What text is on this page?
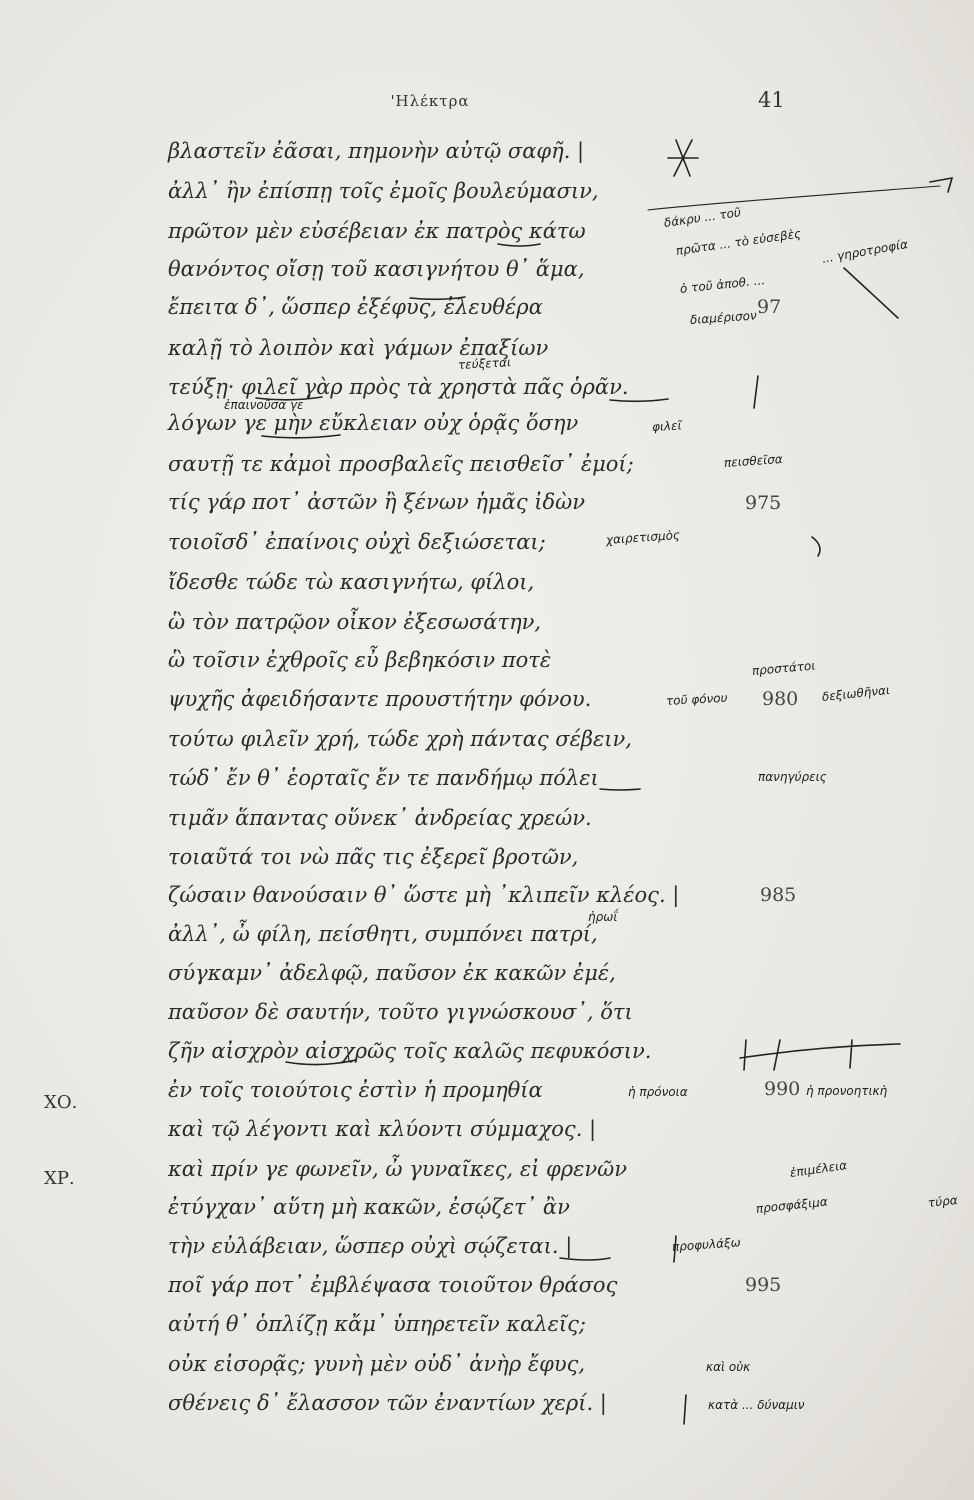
'Ηλέκτρα	41
βλαστεῖν ἐᾶσαι, πημονὴν αὐτῷ σαφῆ. |
ἀλλ᾽ ἢν ἐπίσπῃ τοῖς ἐμοῖς βουλεύμασιν,
πρῶτον μὲν εὐσέβειαν ἐκ πατρὸς κάτω
θανόντος οἴσῃ τοῦ κασιγνήτου θ᾽ ἅμα,
ἔπειτα δ᾽, ὥσπερ ἐξέφυς, ἐλευθέρα
καλῇ τὸ λοιπὸν καὶ γάμων ἐπαξίων
τεύξῃ· φιλεῖ γὰρ πρὸς τὰ χρηστὰ πᾶς ὁρᾶν.
λόγων γε μὴν εὔκλειαν οὐχ ὁρᾷς ὅσην
σαυτῇ τε κἀμοὶ προσβαλεῖς πεισθεῖσ᾽ ἐμοί;
τίς γάρ ποτ᾽ ἀστῶν ἢ ξένων ἡμᾶς ἰδὼν
τοιοῖσδ᾽ ἐπαίνοις οὐχὶ δεξιώσεται;
ἴδεσθε τώδε τὼ κασιγνήτω, φίλοι,
ὣ τὸν πατρῷον οἶκον ἐξεσωσάτην,
ὣ τοῖσιν ἐχθροῖς εὖ βεβηκόσιν ποτὲ
ψυχῆς ἀφειδήσαντε προυστήτην φόνου.
τούτω φιλεῖν χρή, τώδε χρὴ πάντας σέβειν,
τώδ᾽ ἔν θ᾽ ἑορταῖς ἔν τε πανδήμῳ πόλει
τιμᾶν ἅπαντας οὕνεκ᾽ ἀνδρείας χρεών.
τοιαῦτά τοι νὼ πᾶς τις ἐξερεῖ βροτῶν,
ζώσαιν θανούσαιν θ᾽ ὥστε μὴ ᾽κλιπεῖν κλέος. |
ἀλλ᾽, ὦ φίλη, πείσθητι, συμπόνει πατρί,
σύγκαμν᾽ ἀδελφῷ, παῦσον ἐκ κακῶν ἐμέ,
παῦσον δὲ σαυτήν, τοῦτο γιγνώσκουσ᾽, ὅτι
ζῆν αἰσχρὸν αἰσχρῶς τοῖς καλῶς πεφυκόσιν.
ἐν τοῖς τοιούτοις ἐστὶν ἡ προμηθία
καὶ τῷ λέγοντι καὶ κλύοντι σύμμαχος. |
καὶ πρίν γε φωνεῖν, ὦ γυναῖκες, εἰ φρενῶν
ἐτύγχαν᾽ αὕτη μὴ κακῶν, ἐσῴζετ᾽ ἂν
τὴν εὐλάβειαν, ὥσπερ οὐχὶ σῴζεται. |
ποῖ γάρ ποτ᾽ ἐμβλέψασα τοιοῦτον θράσος
αὐτή θ᾽ ὁπλίζῃ κἄμ᾽ ὑπηρετεῖν καλεῖς;
οὐκ εἰσορᾷς; γυνὴ μὲν οὐδ᾽ ἀνὴρ ἔφυς,
σθένεις δ᾽ ἔλασσον τῶν ἐναντίων χερί. |
97
975
980
985
990
995
ΧΟ.
ΧΡ.
δάκρυ ... τοῦ
πρῶτα ... τὸ εὐσεβὲς ... γηροτροφία
ὁ τοῦ ἀποθ. ...
διαμέρισον
τεύξεται
ἐπαινοῦσα γε
φιλεῖ
πεισθεῖσα
χαιρετισμὸς
προστάτοι
τοῦ φόνου	δεξιωθῆναι
πανηγύρεις
ἠρωΐ
ἡ πρόνοια	ἡ προνοητικὴ
ἐπιμέλεια
προσφάξιμα	τύρα
προφυλάξω
καὶ οὐκ
κατὰ ... δύναμιν
